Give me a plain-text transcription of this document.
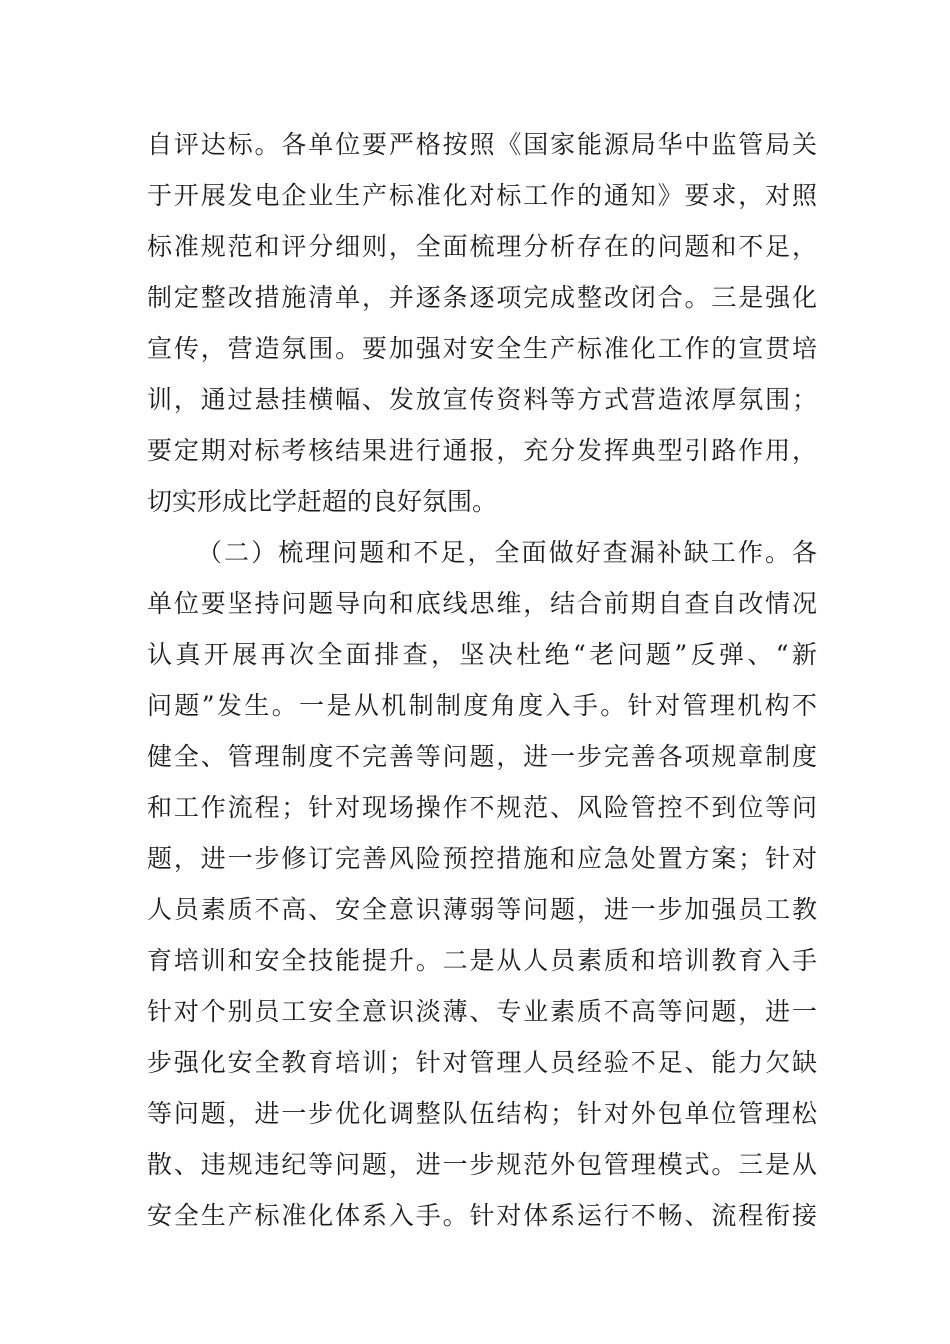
自评达标。各单位要严格按照《国家能源局华中监管局关
于开展发电企业生产标准化对标工作的通知》要求，对照
标准规范和评分细则，全面梳理分析存在的问题和不足，
制定整改措施清单，并逐条逐项完成整改闭合。三是强化
宣传，营造氛围。要加强对安全生产标准化工作的宣贯培
训，通过悬挂横幅、发放宣传资料等方式营造浓厚氛围；
要定期对标考核结果进行通报，充分发挥典型引路作用，
切实形成比学赶超的良好氛围。
（二）梳理问题和不足，全面做好查漏补缺工作。各
单位要坚持问题导向和底线思维，结合前期自查自改情况
认真开展再次全面排查，坚决杜绝“老问题”反弹、“新
问题”发生。一是从机制制度角度入手。针对管理机构不
健全、管理制度不完善等问题，进一步完善各项规章制度
和工作流程；针对现场操作不规范、风险管控不到位等问
题，进一步修订完善风险预控措施和应急处置方案；针对
人员素质不高、安全意识薄弱等问题，进一步加强员工教
育培训和安全技能提升。二是从人员素质和培训教育入手
针对个别员工安全意识淡薄、专业素质不高等问题，进一
步强化安全教育培训；针对管理人员经验不足、能力欠缺
等问题，进一步优化调整队伍结构；针对外包单位管理松
散、违规违纪等问题，进一步规范外包管理模式。三是从
安全生产标准化体系入手。针对体系运行不畅、流程衔接
